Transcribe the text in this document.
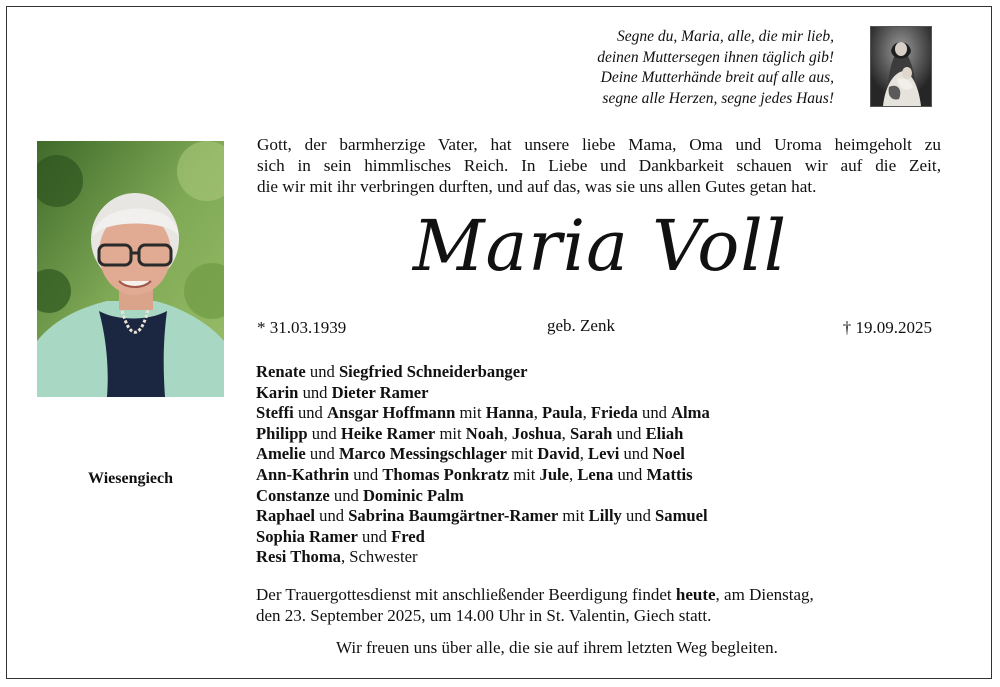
Segne du, Maria, alle, die mir lieb,
deinen Muttersegen ihnen täglich gib!
Deine Mutterhände breit auf alle aus,
segne alle Herzen, segne jedes Haus!
Wiesengiech
Gott, der barmherzige Vater, hat unsere liebe Mama, Oma und Uroma heimgeholt zu
sich in sein himmlisches Reich. In Liebe und Dankbarkeit schauen wir auf die Zeit,
die wir mit ihr verbringen durften, und auf das, was sie uns allen Gutes getan hat.
Maria Voll
* 31.03.1939	geb. Zenk	† 19.09.2025
Renate und Siegfried Schneiderbanger
Karin und Dieter Ramer
Steffi und Ansgar Hoffmann mit Hanna, Paula, Frieda und Alma
Philipp und Heike Ramer mit Noah, Joshua, Sarah und Eliah
Amelie und Marco Messingschlager mit David, Levi und Noel
Ann-Kathrin und Thomas Ponkratz mit Jule, Lena und Mattis
Constanze und Dominic Palm
Raphael und Sabrina Baumgärtner-Ramer mit Lilly und Samuel
Sophia Ramer und Fred
Resi Thoma, Schwester
Der Trauergottesdienst mit anschließender Beerdigung findet heute, am Dienstag,
den 23. September 2025, um 14.00 Uhr in St. Valentin, Giech statt.
Wir freuen uns über alle, die sie auf ihrem letzten Weg begleiten.
